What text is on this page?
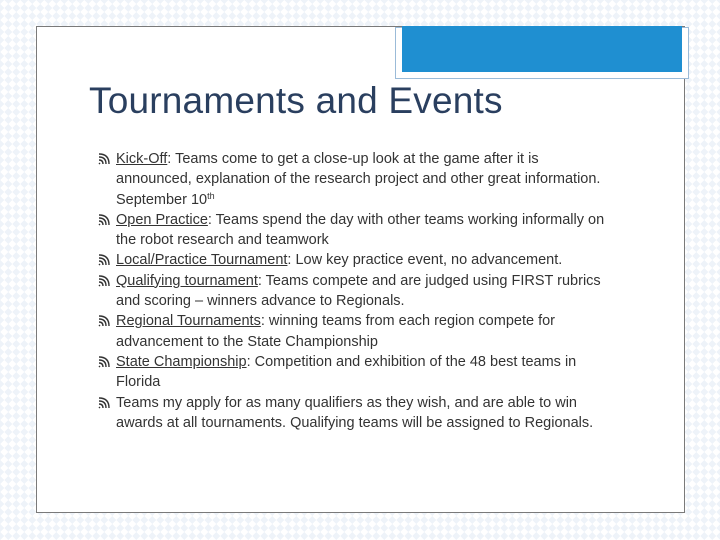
Tournaments and Events
Kick-Off: Teams come to get a close-up look at the game after it is announced, explanation of the research project and other great information. September 10th
Open Practice: Teams spend the day with other teams working informally on the robot research and teamwork
Local/Practice Tournament: Low key practice event, no advancement.
Qualifying tournament: Teams compete and are judged using FIRST rubrics and scoring – winners advance to Regionals.
Regional Tournaments: winning teams from each region compete for advancement to the State Championship
State Championship: Competition and exhibition of the 48 best teams in Florida
Teams my apply for as many qualifiers as they wish, and are able to win awards at all tournaments. Qualifying teams will be assigned to Regionals.
